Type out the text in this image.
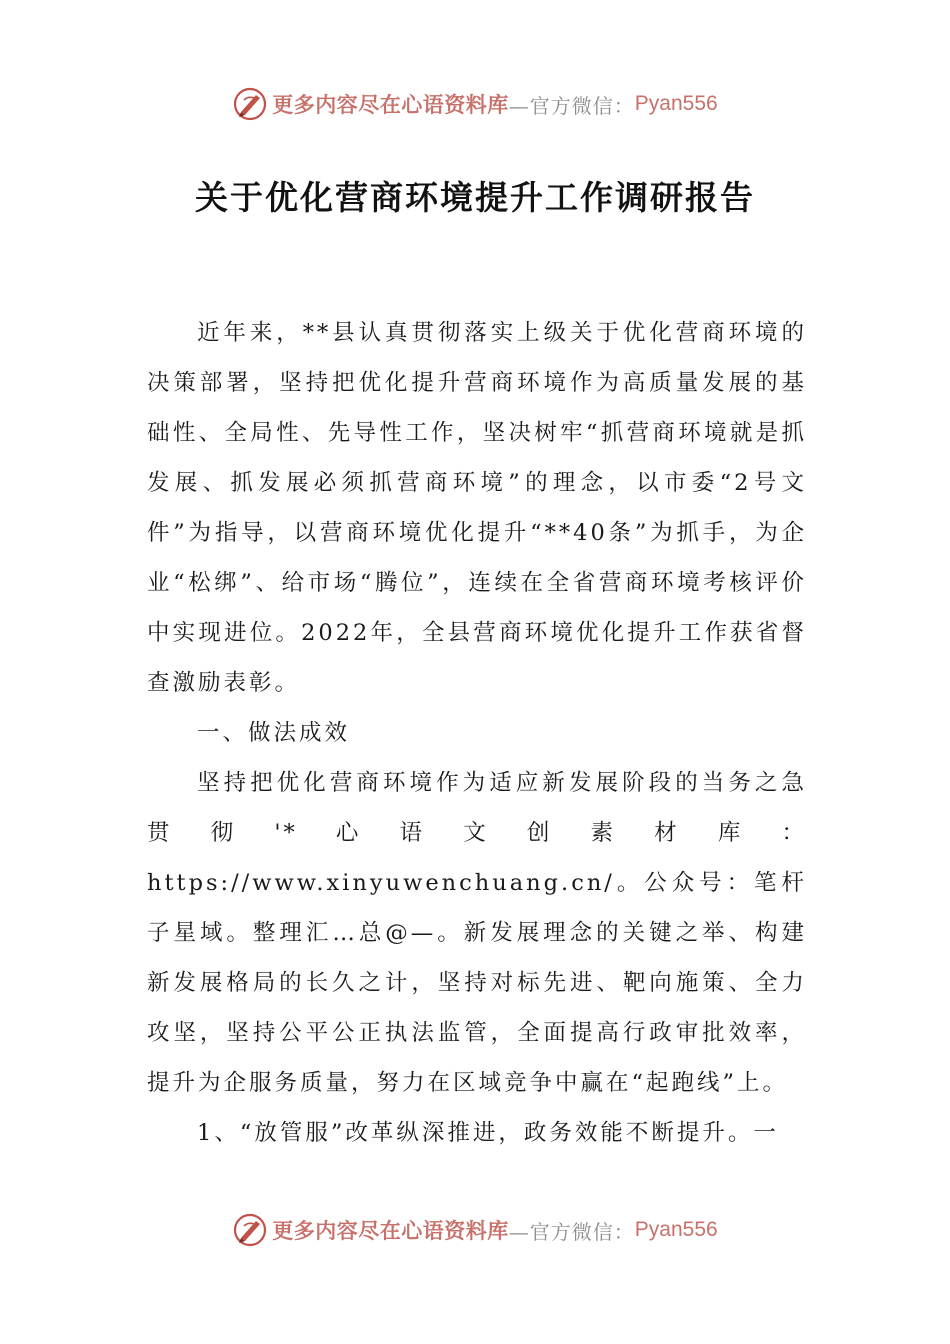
更多内容尽在心语资料库 —官方微信： Pyan556
关于优化营商环境提升工作调研报告

近年来，**县认真贯彻落实上级关于优化营商环境的决策部署，坚持把优化提升营商环境作为高质量发展的基础性、全局性、先导性工作，坚决树牢“抓营商环境就是抓发展、抓发展必须抓营商环境”的理念，以市委“2号文件”为指导，以营商环境优化提升“**40条”为抓手，为企业“松绑”、给市场“腾位”，连续在全省营商环境考核评价中实现进位。2022年，全县营商环境优化提升工作获省督查激励表彰。

一、做法成效

坚持把优化营商环境作为适应新发展阶段的当务之急贯彻'*心语文创素材库：https://www.xinyuwenchuang.cn/。公众号：笔杆子星域。整理汇…总@—。新发展理念的关键之举、构建新发展格局的长久之计，坚持对标先进、靶向施策、全力攻坚，坚持公平公正执法监管，全面提高行政审批效率，提升为企服务质量，努力在区域竞争中赢在“起跑线”上。

1、“放管服”改革纵深推进，政务效能不断提升。一

更多内容尽在心语资料库 —官方微信： Pyan556
